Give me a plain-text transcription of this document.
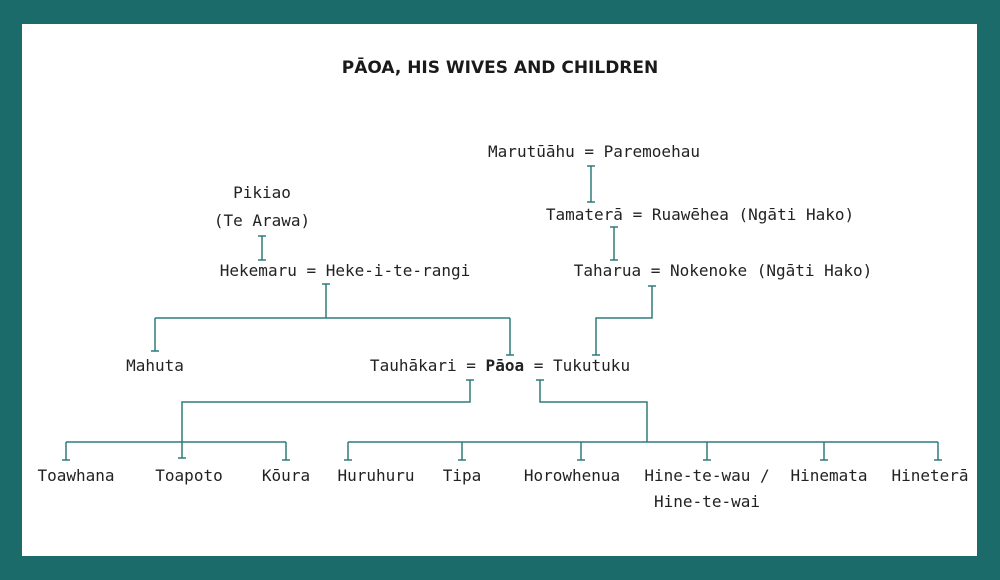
PĀOA, HIS WIVES AND CHILDREN
Pikiao
(Te Arawa)
Hekemaru = Heke-i-te-rangi
Marutūāhu = Paremoehau
Tamaterā = Ruawēhea (Ngāti Hako)
Taharua = Nokenoke (Ngāti Hako)
Mahuta	Tauhākari = Pāoa = Tukutuku
Toawhana	Toapoto Kōura Huruhuru Tipa	Horowhenua Hine-te-wau /
Hine-te-wai
Hinemata Hineterā
